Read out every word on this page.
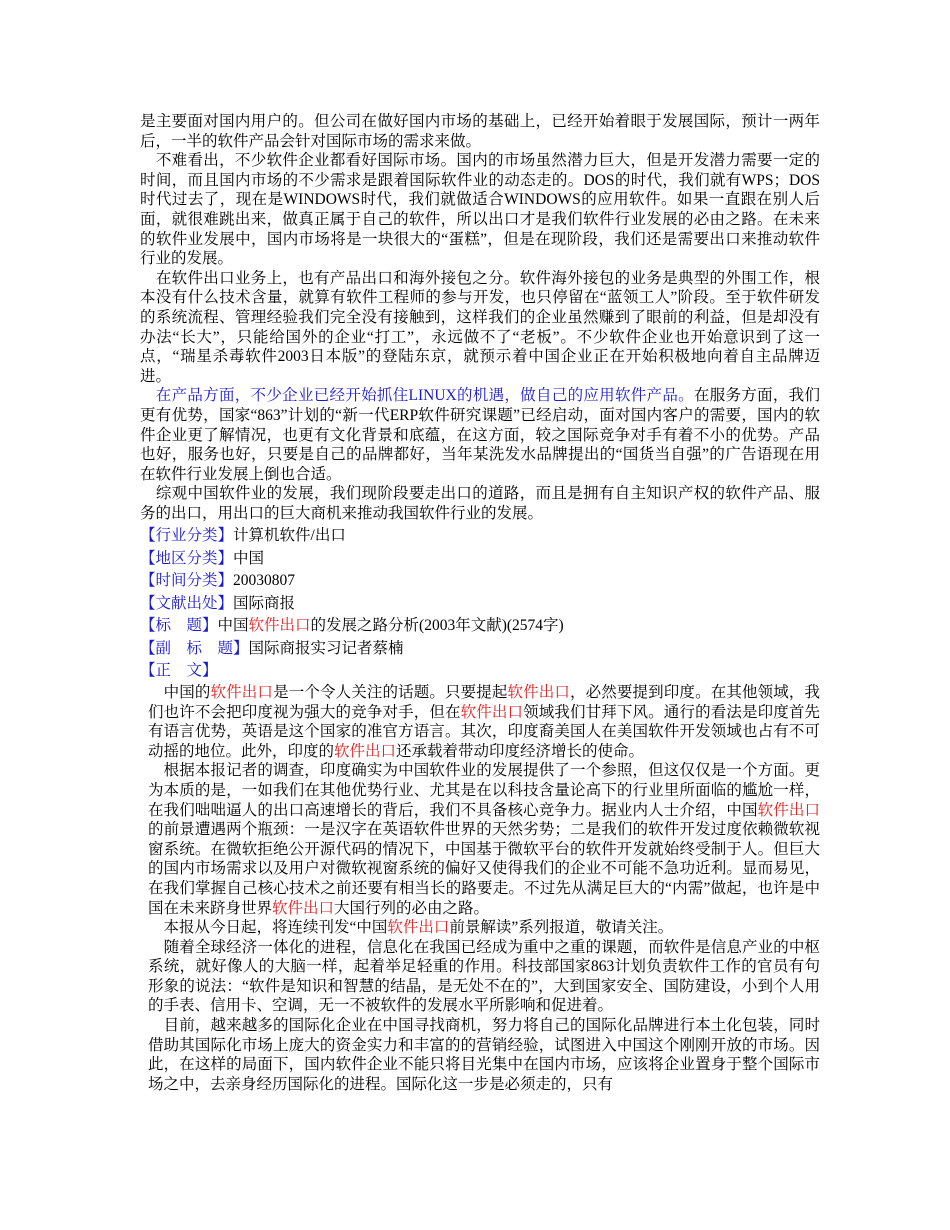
是主要面对国内用户的。但公司在做好国内市场的基础上，已经开始着眼于发展国际，预计一两年后，一半的软件产品会针对国际市场的需求来做。

　不难看出，不少软件企业都看好国际市场。国内的市场虽然潜力巨大，但是开发潜力需要一定的时间，而且国内市场的不少需求是跟着国际软件业的动态走的。DOS的时代，我们就有WPS；DOS时代过去了，现在是WINDOWS时代，我们就做适合WINDOWS的应用软件。如果一直跟在别人后面，就很难跳出来，做真正属于自己的软件，所以出口才是我们软件行业发展的必由之路。在未来的软件业发展中，国内市场将是一块很大的“蛋糕”，但是在现阶段，我们还是需要出口来推动软件行业的发展。

　在软件出口业务上，也有产品出口和海外接包之分。软件海外接包的业务是典型的外围工作，根本没有什么技术含量，就算有软件工程师的参与开发，也只停留在“蓝领工人”阶段。至于软件研发的系统流程、管理经验我们完全没有接触到，这样我们的企业虽然赚到了眼前的利益，但是却没有办法“长大”，只能给国外的企业“打工”，永远做不了“老板”。不少软件企业也开始意识到了这一点，“瑞星杀毒软件2003日本版”的登陆东京，就预示着中国企业正在开始积极地向着自主品牌迈进。

　在产品方面，不少企业已经开始抓住LINUX的机遇，做自己的应用软件产品。在服务方面，我们更有优势，国家“863”计划的“新一代ERP软件研究课题”已经启动，面对国内客户的需要，国内的软件企业更了解情况，也更有文化背景和底蕴，在这方面，较之国际竞争对手有着不小的优势。产品也好，服务也好，只要是自己的品牌都好，当年某洗发水品牌提出的“国货当自强”的广告语现在用在软件行业发展上倒也合适。

　综观中国软件业的发展，我们现阶段要走出口的道路，而且是拥有自主知识产权的软件产品、服务的出口，用出口的巨大商机来推动我国软件行业的发展。

【行业分类】计算机软件/出口

【地区分类】中国

【时间分类】20030807

【文献出处】国际商报

【标　题】中国软件出口的发展之路分析(2003年文献)(2574字)

【副　标　题】国际商报实习记者蔡楠

【正　文】

　中国的软件出口是一个令人关注的话题。只要提起软件出口，必然要提到印度。在其他领域，我们也许不会把印度视为强大的竞争对手，但在软件出口领域我们甘拜下风。通行的看法是印度首先有语言优势，英语是这个国家的准官方语言。其次，印度裔美国人在美国软件开发领域也占有不可动摇的地位。此外，印度的软件出口还承载着带动印度经济增长的使命。

　根据本报记者的调查，印度确实为中国软件业的发展提供了一个参照，但这仅仅是一个方面。更为本质的是，一如我们在其他优势行业、尤其是在以科技含量论高下的行业里所面临的尴尬一样，在我们咄咄逼人的出口高速增长的背后，我们不具备核心竞争力。据业内人士介绍，中国软件出口的前景遭遇两个瓶颈：一是汉字在英语软件世界的天然劣势；二是我们的软件开发过度依赖微软视窗系统。在微软拒绝公开源代码的情况下，中国基于微软平台的软件开发就始终受制于人。但巨大的国内市场需求以及用户对微软视窗系统的偏好又使得我们的企业不可能不急功近利。显而易见，在我们掌握自己核心技术之前还要有相当长的路要走。不过先从满足巨大的“内需”做起，也许是中国在未来跻身世界软件出口大国行列的必由之路。

　本报从今日起，将连续刊发“中国软件出口前景解读”系列报道，敬请关注。

　随着全球经济一体化的进程，信息化在我国已经成为重中之重的课题，而软件是信息产业的中枢系统，就好像人的大脑一样，起着举足轻重的作用。科技部国家863计划负责软件工作的官员有句形象的说法：“软件是知识和智慧的结晶，是无处不在的”，大到国家安全、国防建设，小到个人用的手表、信用卡、空调，无一不被软件的发展水平所影响和促进着。

　目前，越来越多的国际化企业在中国寻找商机，努力将自己的国际化品牌进行本土化包装，同时借助其国际化市场上庞大的资金实力和丰富的的营销经验，试图进入中国这个刚刚开放的市场。因此，在这样的局面下，国内软件企业不能只将目光集中在国内市场，应该将企业置身于整个国际市场之中，去亲身经历国际化的进程。国际化这一步是必须走的，只有
